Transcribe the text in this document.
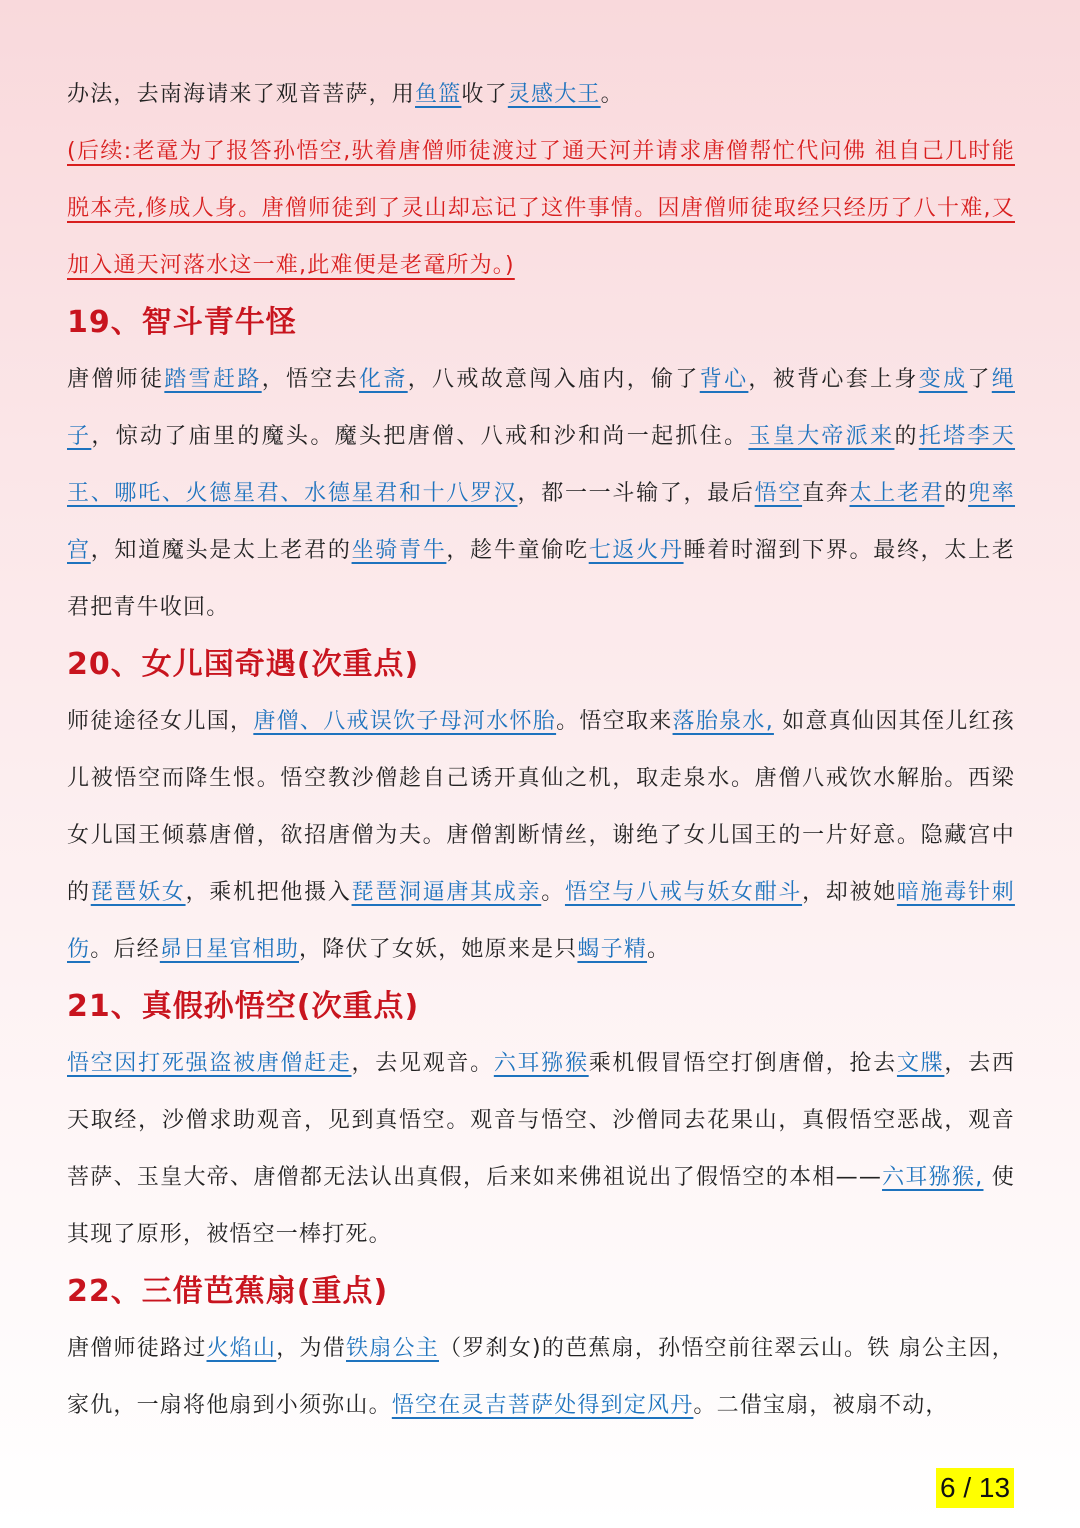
办法，去南海请来了观音菩萨，用鱼篮收了灵感大王。

(后续:老鼋为了报答孙悟空,驮着唐僧师徒渡过了通天河并请求唐僧帮忙代问佛 祖自己几时能脱本壳,修成人身。唐僧师徒到了灵山却忘记了这件事情。因唐僧师徒取经只经历了八十难,又加入通天河落水这一难,此难便是老鼋所为。)

19、智斗青牛怪

唐僧师徒踏雪赶路，悟空去化斋，八戒故意闯入庙内，偷了背心，被背心套上身变成了绳子，惊动了庙里的魔头。魔头把唐僧、八戒和沙和尚一起抓住。玉皇大帝派来的托塔李天王、哪吒、火德星君、水德星君和十八罗汉，都一一斗输了，最后悟空直奔太上老君的兜率宫，知道魔头是太上老君的坐骑青牛，趁牛童偷吃七返火丹睡着时溜到下界。最终，太上老君把青牛收回。

20、女儿国奇遇(次重点)

师徒途径女儿国，唐僧、八戒误饮子母河水怀胎。悟空取来落胎泉水, 如意真仙因其侄儿红孩儿被悟空而降生恨。悟空教沙僧趁自己诱开真仙之机，取走泉水。唐僧八戒饮水解胎。西梁女儿国王倾慕唐僧，欲招唐僧为夫。唐僧割断情丝，谢绝了女儿国王的一片好意。隐藏宫中的琵琶妖女，乘机把他摄入琵琶洞逼唐其成亲。悟空与八戒与妖女酣斗，却被她暗施毒针刺伤。后经昴日星官相助，降伏了女妖，她原来是只蝎子精。

21、真假孙悟空(次重点)

悟空因打死强盗被唐僧赶走，去见观音。六耳猕猴乘机假冒悟空打倒唐僧，抢去文牒，去西天取经，沙僧求助观音，见到真悟空。观音与悟空、沙僧同去花果山，真假悟空恶战，观音菩萨、玉皇大帝、唐僧都无法认出真假，后来如来佛祖说出了假悟空的本相——六耳猕猴, 使其现了原形，被悟空一棒打死。

22、三借芭蕉扇(重点)

唐僧师徒路过火焰山，为借铁扇公主（罗刹女)的芭蕉扇，孙悟空前往翠云山。铁 扇公主因，家仇，一扇将他扇到小须弥山。悟空在灵吉菩萨处得到定风丹。二借宝扇，被扇不动，

6 / 13
